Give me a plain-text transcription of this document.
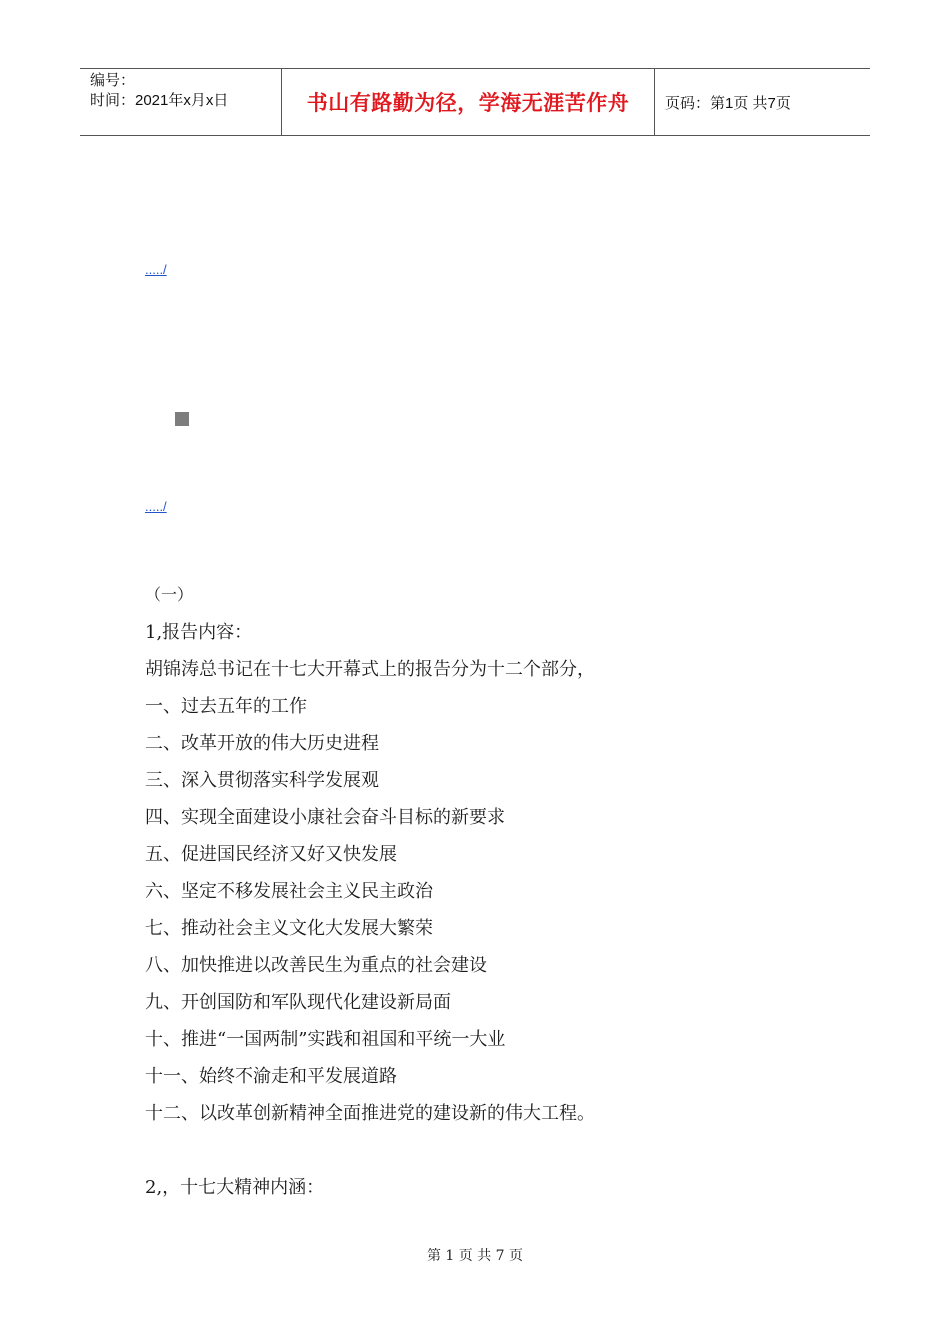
编号：
时间：2021年x月x日	书山有路勤为径，学海无涯苦作舟	页码：第1页 共7页
...../
...../
（一）
1,报告内容：
胡锦涛总书记在十七大开幕式上的报告分为十二个部分，
一、过去五年的工作
二、改革开放的伟大历史进程
三、深入贯彻落实科学发展观
四、实现全面建设小康社会奋斗目标的新要求
五、促进国民经济又好又快发展
六、坚定不移发展社会主义民主政治
七、推动社会主义文化大发展大繁荣
八、加快推进以改善民生为重点的社会建设
九、开创国防和军队现代化建设新局面
十、推进“一国两制”实践和祖国和平统一大业
十一、始终不渝走和平发展道路
十二、以改革创新精神全面推进党的建设新的伟大工程。
2,，十七大精神内涵：
第 1 页 共 7 页
